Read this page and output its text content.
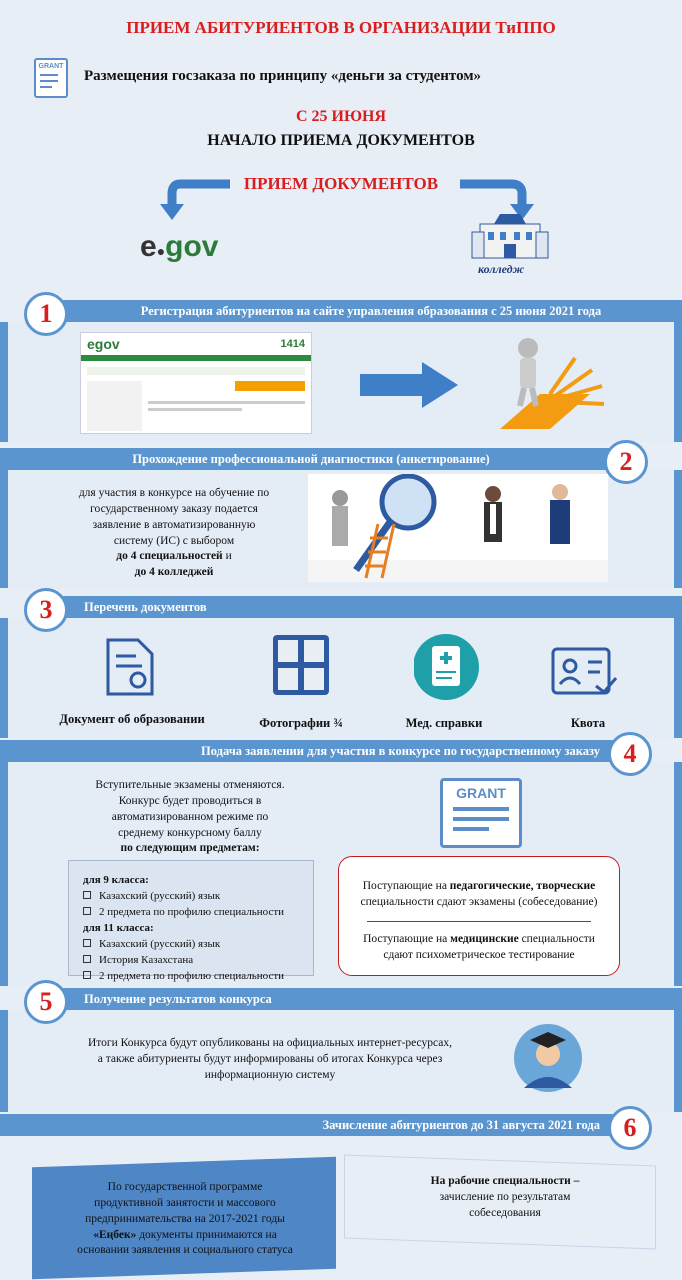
ПРИЕМ АБИТУРИЕНТОВ В ОРГАНИЗАЦИИ ТиППО
GRANT
Размещения госзаказа по принципу «деньги за студентом»
С 25 ИЮНЯ
НАЧАЛО ПРИЕМА ДОКУМЕНТОВ
ПРИЕМ ДОКУМЕНТОВ
e●gov
колледж
Регистрация абитуриентов на сайте управления образования с 25 июня 2021 года
1
egov	1414
Прохождение профессиональной диагностики (анкетирование)	2
для участия в конкурсе на обучение по
государственному заказу подается
заявление в автоматизированную
систему (ИС) с выбором
до 4 специальностей и
до 4 колледжей
Перечень документов
3
Документ об образовании	Фотографии ¾	Мед. справки	Квота
Подача заявлении для участия в конкурсе по государственному заказу 4
Вступительные экзамены отменяются.
Конкурс будет проводиться в
автоматизированном режиме по
среднему конкурсному баллу
по следующим предметам:
для 9 класса:
Казахский (русский) язык
2 предмета по профилю специальности
для 11 класса:
Казахский (русский) язык
История Казахстана
2 предмета по профилю специальности
GRANT
Поступающие на педагогические, творческие
специальности сдают экзамены (собеседование)
Поступающие на медицинские специальности
сдают психометрическое тестирование
Получение результатов конкурса
5
Итоги Конкурса будут опубликованы на официальных интернет-ресурсах,
а также абитуриенты будут информированы об итогах Конкурса через
информационную систему
Зачисление абитуриентов до 31 августа 2021 года 6
По государственной программе
продуктивной занятости и массового
предпринимательства на 2017-2021 годы
«Еңбек» документы принимаются на
основании заявления и социального статуса
На рабочие специальности –
зачисление по результатам
собеседования
